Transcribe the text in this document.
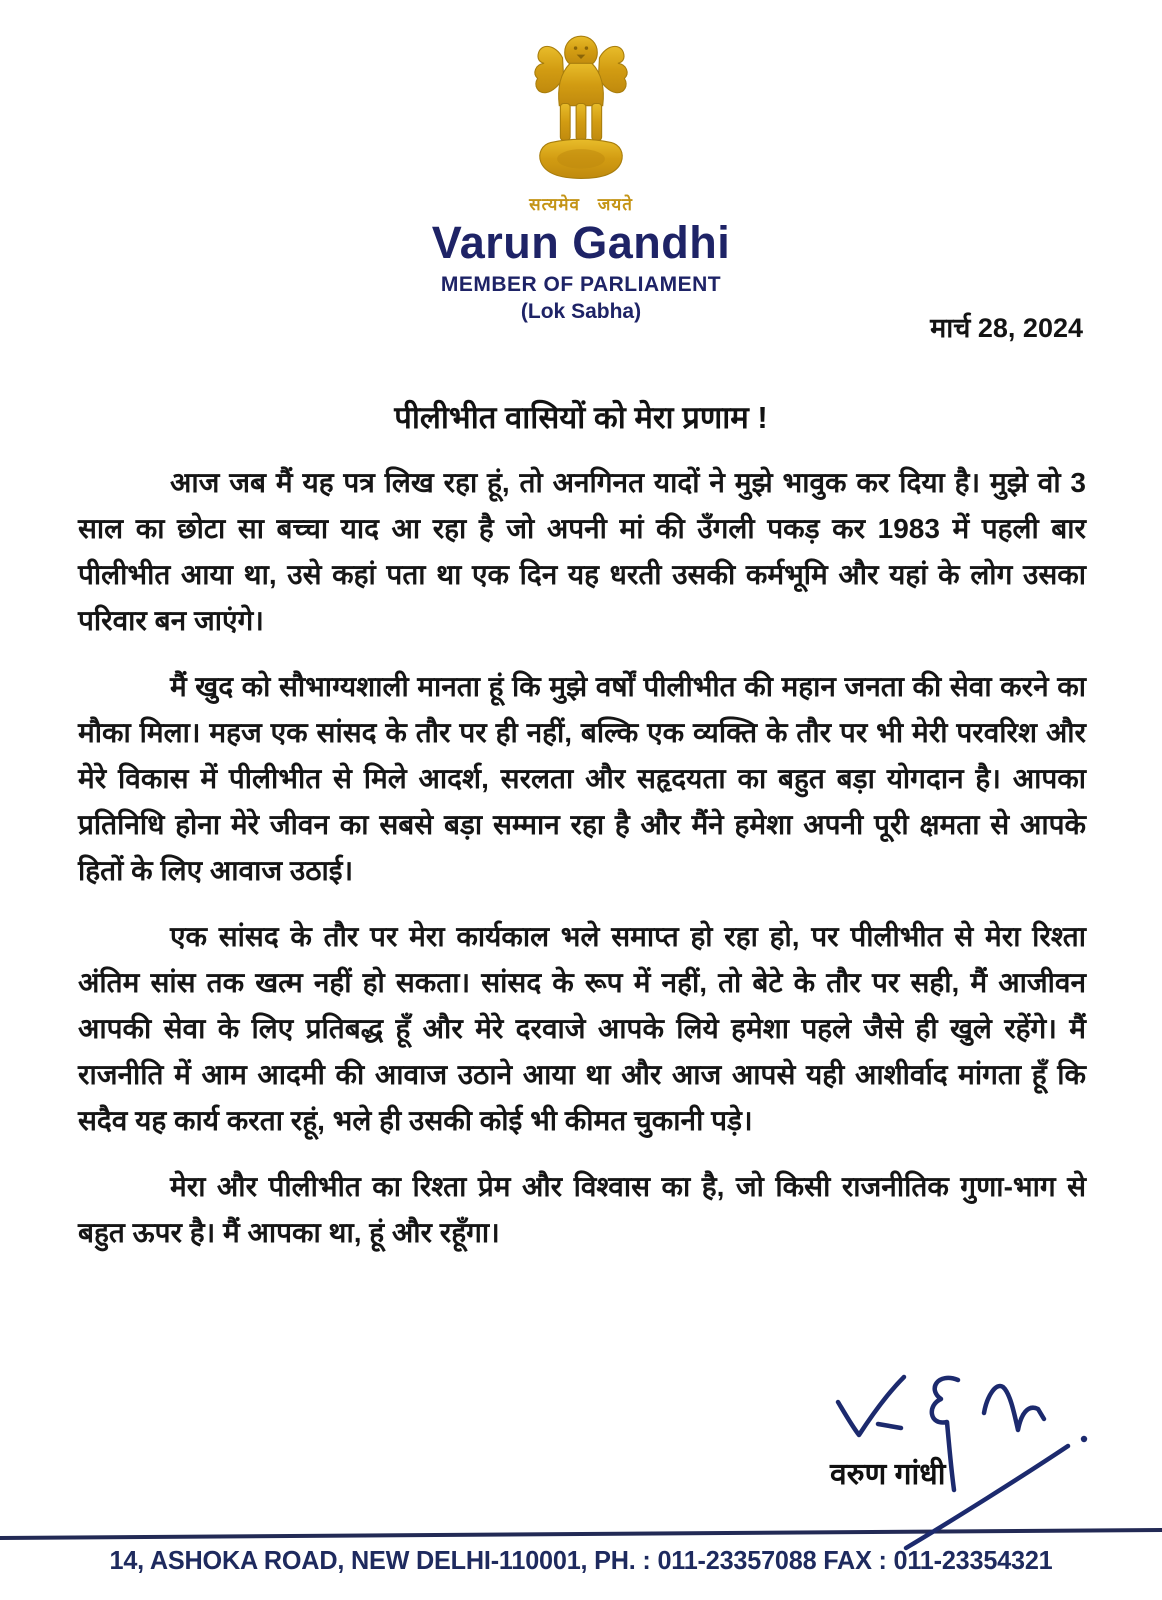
सत्यमेव जयते
Varun Gandhi
MEMBER OF PARLIAMENT
(Lok Sabha)
मार्च 28, 2024
पीलीभीत वासियों को मेरा प्रणाम !

आज जब मैं यह पत्र लिख रहा हूं, तो अनगिनत यादों ने मुझे भावुक कर दिया है। मुझे वो 3 साल का छोटा सा बच्चा याद आ रहा है जो अपनी मां की उँगली पकड़ कर 1983 में पहली बार पीलीभीत आया था, उसे कहां पता था एक दिन यह धरती उसकी कर्मभूमि और यहां के लोग उसका परिवार बन जाएंगे।

मैं खुद को सौभाग्यशाली मानता हूं कि मुझे वर्षों पीलीभीत की महान जनता की सेवा करने का मौका मिला। महज एक सांसद के तौर पर ही नहीं, बल्कि एक व्यक्ति के तौर पर भी मेरी परवरिश और मेरे विकास में पीलीभीत से मिले आदर्श, सरलता और सहृदयता का बहुत बड़ा योगदान है। आपका प्रतिनिधि होना मेरे जीवन का सबसे बड़ा सम्मान रहा है और मैंने हमेशा अपनी पूरी क्षमता से आपके हितों के लिए आवाज उठाई।

एक सांसद के तौर पर मेरा कार्यकाल भले समाप्त हो रहा हो, पर पीलीभीत से मेरा रिश्ता अंतिम सांस तक खत्म नहीं हो सकता। सांसद के रूप में नहीं, तो बेटे के तौर पर सही, मैं आजीवन आपकी सेवा के लिए प्रतिबद्ध हूँ और मेरे दरवाजे आपके लिये हमेशा पहले जैसे ही खुले रहेंगे। मैं राजनीति में आम आदमी की आवाज उठाने आया था और आज आपसे यही आशीर्वाद मांगता हूँ कि सदैव यह कार्य करता रहूं, भले ही उसकी कोई भी कीमत चुकानी पड़े।

मेरा और पीलीभीत का रिश्ता प्रेम और विश्वास का है, जो किसी राजनीतिक गुणा-भाग से बहुत ऊपर है। मैं आपका था, हूं और रहूँगा।

वरुण गांधी
14, ASHOKA ROAD, NEW DELHI-110001, PH. : 011-23357088 FAX : 011-23354321
